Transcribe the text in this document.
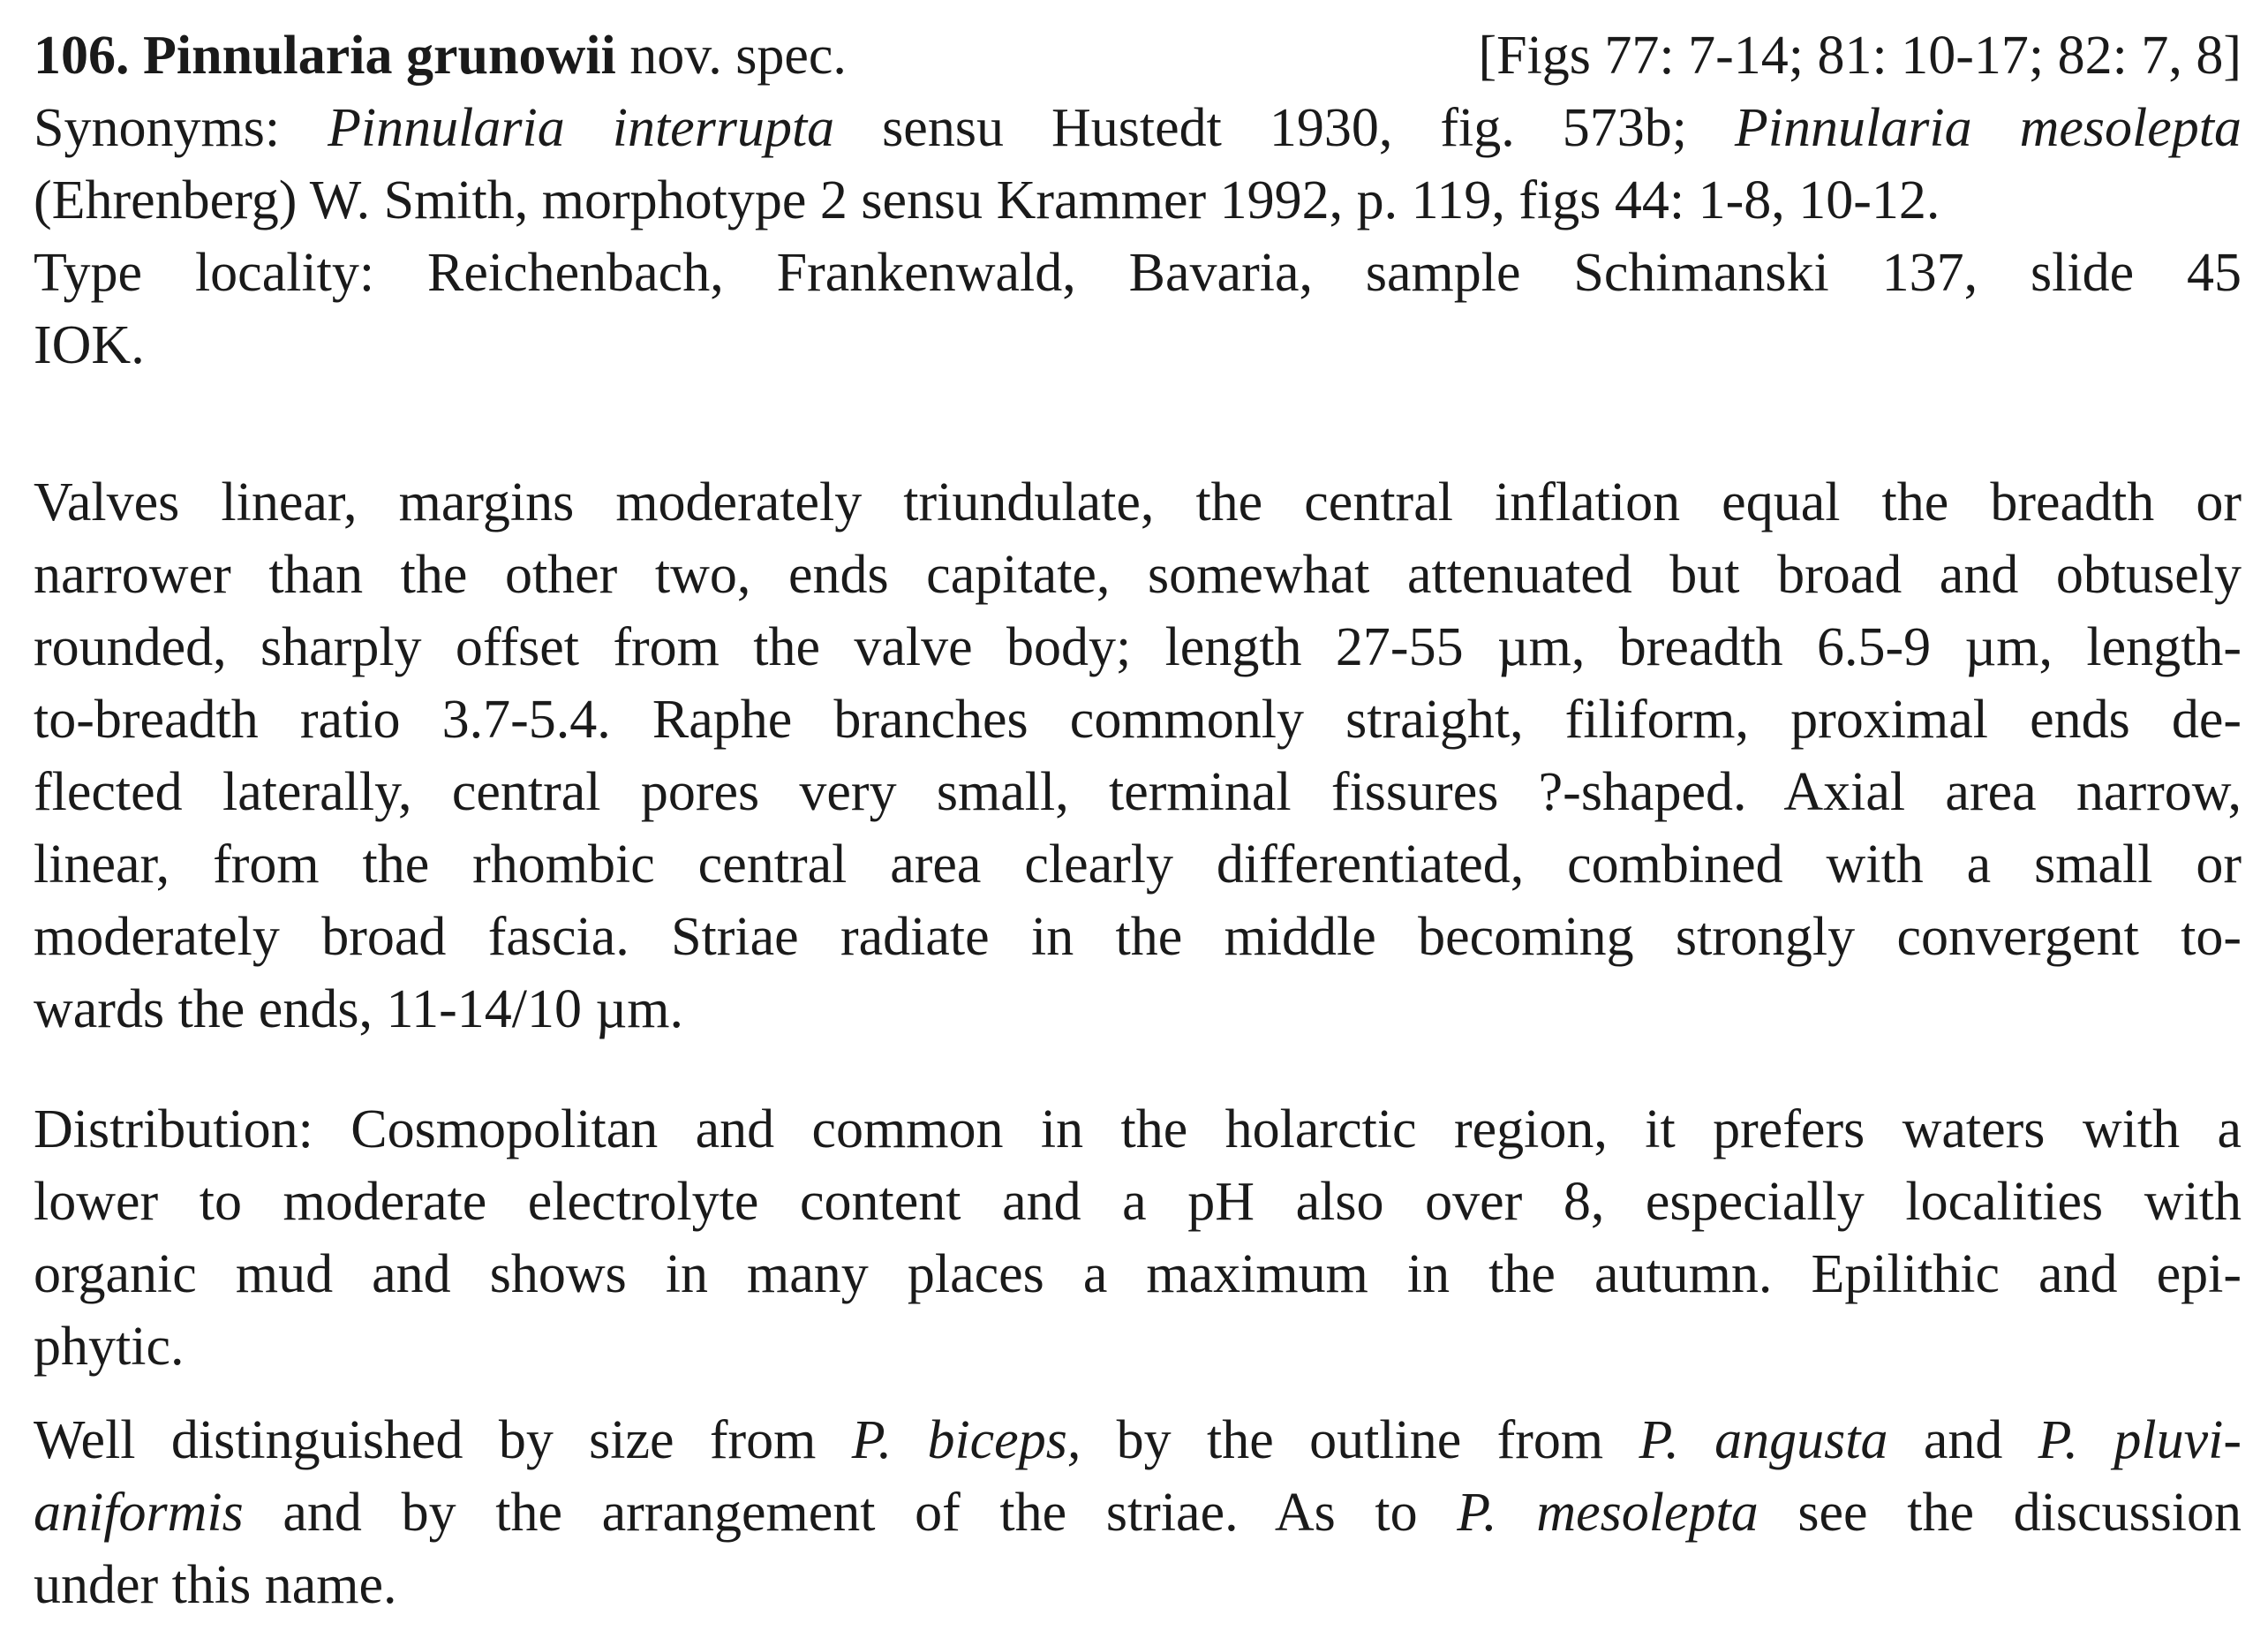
106. Pinnularia grunowii nov. spec.	[Figs 77: 7-14; 81: 10-17; 82: 7, 8]
Synonyms: Pinnularia interrupta sensu Hustedt 1930, fig. 573b; Pinnularia mesolepta
(Ehrenberg) W. Smith, morphotype 2 sensu Krammer 1992, p. 119, figs 44: 1-8, 10-12.
Type locality: Reichenbach, Frankenwald, Bavaria, sample Schimanski 137, slide 45
IOK.
Valves linear, margins moderately triundulate, the central inflation equal the breadth or
narrower than the other two, ends capitate, somewhat attenuated but broad and obtusely
rounded, sharply offset from the valve body; length 27-55 µm, breadth 6.5-9 µm, length-
to-breadth ratio 3.7-5.4. Raphe branches commonly straight, filiform, proximal ends de-
flected laterally, central pores very small, terminal fissures ?-shaped. Axial area narrow,
linear, from the rhombic central area clearly differentiated, combined with a small or
moderately broad fascia. Striae radiate in the middle becoming strongly convergent to-
wards the ends, 11-14/10 µm.
Distribution: Cosmopolitan and common in the holarctic region, it prefers waters with a
lower to moderate electrolyte content and a pH also over 8, especially localities with
organic mud and shows in many places a maximum in the autumn. Epilithic and epi-
phytic.
Well distinguished by size from P. biceps, by the outline from P. angusta and P. pluvi-
aniformis and by the arrangement of the striae. As to P. mesolepta see the discussion
under this name.
